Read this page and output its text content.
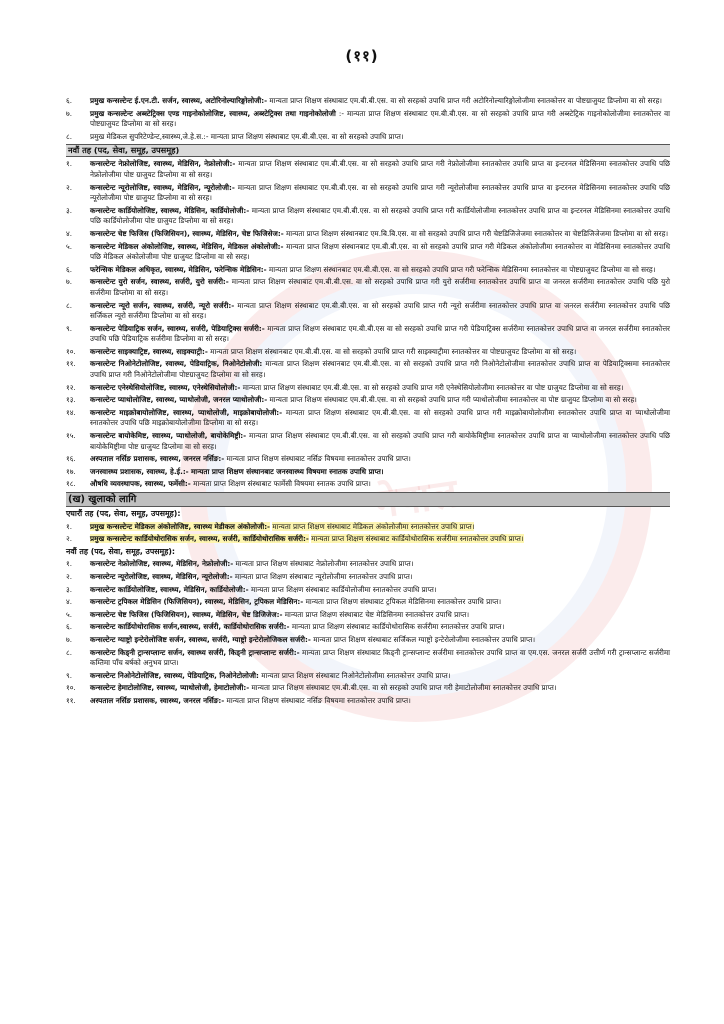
(११)
६.	प्रमुख कन्सल्टेन्ट ई.एन.टी. सर्जन, स्वास्थ्य, अटोरिनोल्यारिङ्गोलोजी:- मान्यता प्राप्त शिक्षण संस्थाबाट एम.बी.बी.एस. वा सो सरहको उपाधि प्राप्त गरी अटोरिनोल्यारिङ्गोलोजीमा स्नातकोत्तर वा पोष्टग्राजुयट डिप्लोमा वा सो सरह।
७.	प्रमुख कन्सल्टेन्ट अब्स्टेट्रिक्स एण्ड गाइनोकोलोजिष्ट, स्वास्थ्य, अब्स्टेट्रिक्स तथा गाइनोकोलोजी :- मान्यता प्राप्त शिक्षण संस्थाबाट एम.बी.बी.एस. वा सो सरहको उपाधि प्राप्त गरी अब्स्टेट्रिक गाइनोकोलोजीमा स्नातकोत्तर वा पोष्टग्राजुयट डिप्लोमा वा सो सरह।
८.	प्रमुख मेडिकल सुपरिटेण्डेन्ट,स्वास्थ्य,जे.हे.स.:- मान्यता प्राप्त शिक्षण संस्थाबाट एम.बी.बी.एस. वा सो सरहको उपाधि प्राप्त।
नवौं तह (पद, सेवा, समूह, उपसमूह)
१.	कन्सल्टेन्ट नेफ्रोलोजिष्ट, स्वास्थ्य, मेडिसिन, नेफ्रोलोजी:- मान्यता प्राप्त शिक्षण संस्थाबाट एम.बी.बी.एस. वा सो सरहको उपाधि प्राप्त गरी नेफ्रोलोजीमा स्नातकोत्तर उपाधि प्राप्त वा इन्टरनल मेडिसिनमा स्नातकोत्तर उपाधि पछि नेफ्रोलोजीमा पोष्ट ग्राजुयट डिप्लोमा वा सो सरह।
२.	कन्सल्टेन्ट न्यूरोलोजिष्ट, स्वास्थ्य, मेडिसिन, न्यूरोलोजी:- मान्यता प्राप्त शिक्षण संस्थाबाट एम.बी.बी.एस. वा सो सरहको उपाधि प्राप्त गरी न्यूरोलोजीमा स्नातकोत्तर उपाधि प्राप्त वा इन्टरनल मेडिसिनमा स्नातकोत्तर उपाधि पछि न्यूरोलोजीमा पोष्ट ग्राजुयट डिप्लोमा वा सो सरह।
३.	कन्सल्टेन्ट कार्डियोलोजिष्ट, स्वास्थ्य, मेडिसिन, कार्डियोलोजी:- मान्यता प्राप्त शिक्षण संस्थाबाट एम.बी.बी.एस. वा सो सरहको उपाधि प्राप्त गरी कार्डियोलोजीमा स्नातकोत्तर उपाधि प्राप्त वा इन्टरनल मेडिसिनमा स्नातकोत्तर उपाधि पछि कार्डियोलोजीमा पोष्ट ग्राजुयट डिप्लोमा वा सो सरह।
४.	कन्सल्टेन्ट चेष्ट फिजिस (फिजिसियन), स्वास्थ्य, मेडिसिन, चेष्ट फिजिसेज:- मान्यता प्राप्त शिक्षण संस्थानबाट एम.बि.बि.एस. वा सो सरहको उपाधि प्राप्त गरी चेष्टडिजिजेजमा स्नातकोत्तर वा चेष्टडिजिजेजमा डिप्लोमा वा सो सरह।
५.	कन्सल्टेन्ट मेडिकल अंकोलोजिष्ट, स्वास्थ्य, मेडिसिन, मेडिकल अंकोलोजी:- मान्यता प्राप्त शिक्षण संस्थानबाट एम.बी.बी.एस. वा सो सरहको उपाधि प्राप्त गरी मेडिकल अंकोलोजीमा स्नातकोत्तर वा मेडिसिनमा स्नातकोत्तर उपाधि पछि मेडिकल अंकोलोजीमा पोष्ट ग्राजुयट डिप्लोमा वा सो सरह।
६.	फरेन्सिक मेडिकल अधिकृत, स्वास्थ्य, मेडिसिन, फरेन्सिक मेडिसिन:- मान्यता प्राप्त शिक्षण संस्थानबाट एम.बी.बी.एस. वा सो सरहको उपाधि प्राप्त गरी फरेन्सिक मेडिसिनमा स्नातकोत्तर वा पोष्टग्राजुयट डिप्लोमा वा सो सरह।
७.	कन्सल्टेन्ट युरो सर्जन, स्वास्थ्य, सर्जरी, युरो सर्जरी:- मान्यता प्राप्त शिक्षण संस्थाबाट एम.बी.बी.एस. वा सो सरहको उपाधि प्राप्त गरी युरो सर्जरीमा स्नातकोत्तर उपाधि प्राप्त वा जनरल सर्जरीमा स्नातकोत्तर उपाधि पछि युरो सर्जरीमा डिप्लोमा वा सो सरह।
८.	कन्सल्टेन्ट न्यूरो सर्जन, स्वास्थ्य, सर्जरी, न्यूरो सर्जरी:- मान्यता प्राप्त शिक्षण संस्थाबाट एम.बी.बी.एस. वा सो सरहको उपाधि प्राप्त गरी न्यूरो सर्जरीमा स्नातकोत्तर उपाधि प्राप्त वा जनरल सर्जरीमा स्नातकोत्तर उपाधि पछि सर्जिकल न्यूरो सर्जरीमा डिप्लोमा वा सो सरह।
९.	कन्सल्टेन्ट पेडियाट्रिक सर्जन, स्वास्थ्य, सर्जरी, पेडियाट्रिक्स सर्जरी:- मान्यता प्राप्त शिक्षण संस्थाबाट एम.बी.बी.एस वा सो सरहको उपाधि प्राप्त गरी पेडियाट्रिक्स सर्जरीमा स्नातकोत्तर उपाधि प्राप्त वा जनरल सर्जरीमा स्नातकोत्तर उपाधि पछि पेडियाट्रिक सर्जरीमा डिप्लोमा वा सो सरह।
१०.	कन्सल्टेन्ट साइक्याट्रिष्ट, स्वास्थ्य, साइक्याट्री:- मान्यता प्राप्त शिक्षण संस्थानबाट एम.बी.बी.एस. वा सो सरहको उपाधि प्राप्त गरी साइक्याट्रीमा स्नातकोत्तर वा पोष्टग्राजुयट डिप्लोमा वा सो सरह।
११.	कन्सल्टेन्ट निओनेटोलोजिष्ट, स्वास्थ्य, पेडियाट्रिक, निओनेटोलोजी: मान्यता प्राप्त शिक्षण संस्थानबाट एम.बी.बी.एस. वा सो सरहको उपाधि प्राप्त गरी निओनेटोलोजीमा स्नातकोत्तर उपाधि प्राप्त वा पेडियाट्रिक्समा स्नातकोत्तर उपाधि प्राप्त गरी निओनेटोलोजीमा पोष्टग्राजुयट डिप्लोमा वा सो सरह।
१२.	कन्सल्टेन्ट एनेस्थेसियोलोजिष्ट, स्वास्थ्य, एनेस्थेसियोलोजी:- मान्यता प्राप्त शिक्षण संस्थाबाट एम.बी.बी.एस. वा सो सरहको उपाधि प्राप्त गरी एनेस्थेसियोलोजीमा स्नातकोत्तर वा पोष्ट ग्राजुयट डिप्लोमा वा सो सरह।
१३.	कन्सल्टेन्ट प्याथोलोजिष्ट, स्वास्थ्य, प्याथोलोजी, जनरल प्याथोलोजी:- मान्यता प्राप्त शिक्षण संस्थाबाट एम.बी.बी.एस. वा सो सरहको उपाधि प्राप्त गरी प्याथोलोजीमा स्नातकोत्तर वा पोष्ट ग्राजुयट डिप्लोमा वा सो सरह।
१४.	कन्सल्टेन्ट माइक्रोबायोलोजिष्ट, स्वास्थ्य, प्याथोलोजी, माइक्रोबायोलोजी:- मान्यता प्राप्त शिक्षण संस्थाबाट एम.बी.बी.एस. वा सो सरहको उपाधि प्राप्त गरी माइक्रोबायोलोजीमा स्नातकोत्तर उपाधि प्राप्त वा प्याथोलोजीमा स्नातकोत्तर उपाधि पछि माइक्रोबायोलोजीमा डिप्लोमा वा सो सरह।
१५.	कन्सल्टेन्ट बायोकेमिष्ट, स्वास्थ्य, प्याथोलोजी, बायोकेमिष्ट्री:- मान्यता प्राप्त शिक्षण संस्थाबाट एम.बी.बी.एस. वा सो सरहको उपाधि प्राप्त गरी बायोकेमिष्ट्रीमा स्नातकोत्तर उपाधि प्राप्त वा प्याथोलोजीमा स्नातकोत्तर उपाधि पछि बायोकेमिष्ट्रीमा पोष्ट ग्राजुयट डिप्लोमा वा सो सरह।
१६.	अस्पताल नर्सिङ प्रशासक, स्वास्थ्य, जनरल नर्सिङ:- मान्यता प्राप्त शिक्षण संस्थाबाट नर्सिङ विषयमा स्नातकोत्तर उपाधि प्राप्त।
१७.	जनस्वास्थ्य प्रशासक, स्वास्थ्य, हे.ई.:- मान्यता प्राप्त शिक्षण संस्थानबाट जनस्वास्थ्य विषयमा स्नातक उपाधि प्राप्त।
१८.	औषधि व्यवस्थापक, स्वास्थ्य, फर्मेसी:- मान्यता प्राप्त शिक्षण संस्थाबाट फार्मेसी विषयमा स्नातक उपाधि प्राप्त।
(ख) खुलाको लागि
एघारौं तह (पद, सेवा, समूह, उपसमूह):
१.	प्रमुख कन्सल्टेन्ट मेडिकल अंकोलोजिष्ट, स्वास्थ्य मेडीकल अंकोलोजी:- मान्यता प्राप्त शिक्षण संस्थाबाट मेडिकल अंकोलोजीमा स्नातकोत्तर उपाधि प्राप्त।
२.	प्रमुख कन्सल्टेन्ट कार्डियोथोरासिक सर्जन, स्वास्थ्य, सर्जरी, कार्डियोथोरासिक सर्जरी:- मान्यता प्राप्त शिक्षण संस्थाबाट कार्डियोथोरासिक सर्जरीमा स्नातकोत्तर उपाधि प्राप्त।
नवौं तह (पद, सेवा, समूह, उपसमूह):
१.	कन्सल्टेन्ट नेफ्रोलोजिष्ट, स्वास्थ्य, मेडिसिन, नेफ्रोलोजी:- मान्यता प्राप्त शिक्षण संस्थाबाट नेफ्रोलोजीमा स्नातकोत्तर उपाधि प्राप्त।
२.	कन्सल्टेन्ट न्यूरोलोजिष्ट, स्वास्थ्य, मेडिसिन, न्यूरोलोजी:- मान्यता प्राप्त शिक्षण संस्थाबाट न्यूरोलोजीमा स्नातकोत्तर उपाधि प्राप्त।
३.	कन्सल्टेन्ट कार्डियोलोजिष्ट, स्वास्थ्य, मेडिसिन, कार्डियोलोजी:- मान्यता प्राप्त शिक्षण संस्थाबाट कार्डियोलोजीमा स्नातकोत्तर उपाधि प्राप्त।
४.	कन्सल्टेन्ट ट्रपिकल मेडिसिन (फिजिसियन), स्वास्थ्य, मेडिसिन, ट्रपिकल मेडिसिन:- मान्यता प्राप्त शिक्षण संस्थाबाट ट्रपिकल मेडिसिनमा स्नातकोत्तर उपाधि प्राप्त।
५.	कन्सल्टेन्ट चेष्ट फिजिस (फिजिसियन), स्वास्थ्य, मेडिसिन, चेष्ट डिजिजेज:- मान्यता प्राप्त शिक्षण संस्थाबाट चेष्ट मेडिसिनमा स्नातकोत्तर उपाधि प्राप्त।
६.	कन्सल्टेन्ट कार्डियोथोरासिक सर्जन,स्वास्थ्य, सर्जरी, कार्डियोथोरासिक सर्जरी:- मान्यता प्राप्त शिक्षण संस्थाबाट कार्डियोथोरासिक सर्जरीमा स्नातकोत्तर उपाधि प्राप्त।
७.	कन्सल्टेन्ट ग्याष्ट्रो इन्टेरोलोजिष्ट सर्जन, स्वास्थ्य, सर्जरी, ग्याष्ट्रो इन्टेरोलोजिकल सर्जरी:- मान्यता प्राप्त शिक्षण संस्थाबाट सर्जिकल ग्याष्ट्रो इन्टेरोलोजीमा स्नातकोत्तर उपाधि प्राप्त।
८.	कन्सल्टेन्ट किड्नी ट्रान्सप्लान्ट सर्जन, स्वास्थ्य सर्जरी, किड्नी ट्रान्सप्लान्ट सर्जरी:- मान्यता प्राप्त शिक्षण संस्थाबाट किड्नी ट्रान्सप्लान्ट सर्जरीमा स्नातकोत्तर उपाधि प्राप्त वा एम.एस. जनरल सर्जरी उत्तीर्ण गरी ट्रान्सप्लान्ट सर्जरीमा कम्तिमा पाँच बर्षको अनुभव प्राप्त।
९.	कन्सल्टेन्ट निओनेटोलोजिष्ट, स्वास्थ्य, पेडियाट्रिक, निओनेटोलोजी: मान्यता प्राप्त शिक्षण संस्थाबाट निओनेटोलोजीमा स्नातकोत्तर उपाधि प्राप्त।
१०.	कन्सल्टेन्ट हेमाटोलोजिष्ट, स्वास्थ्य, प्याथोलोजी, हेमाटोलोजी:- मान्यता प्राप्त शिक्षण संस्थाबाट एम.बी.बी.एस. वा सो सरहको उपाधि प्राप्त गरी हेमाटोलोजीमा स्नातकोत्तर उपाधि प्राप्त।
११.	अस्पताल नर्सिङ प्रशासक, स्वास्थ्य, जनरल नर्सिङ:- मान्यता प्राप्त शिक्षण संस्थाबाट नर्सिङ विषयमा स्नातकोत्तर उपाधि प्राप्त।
